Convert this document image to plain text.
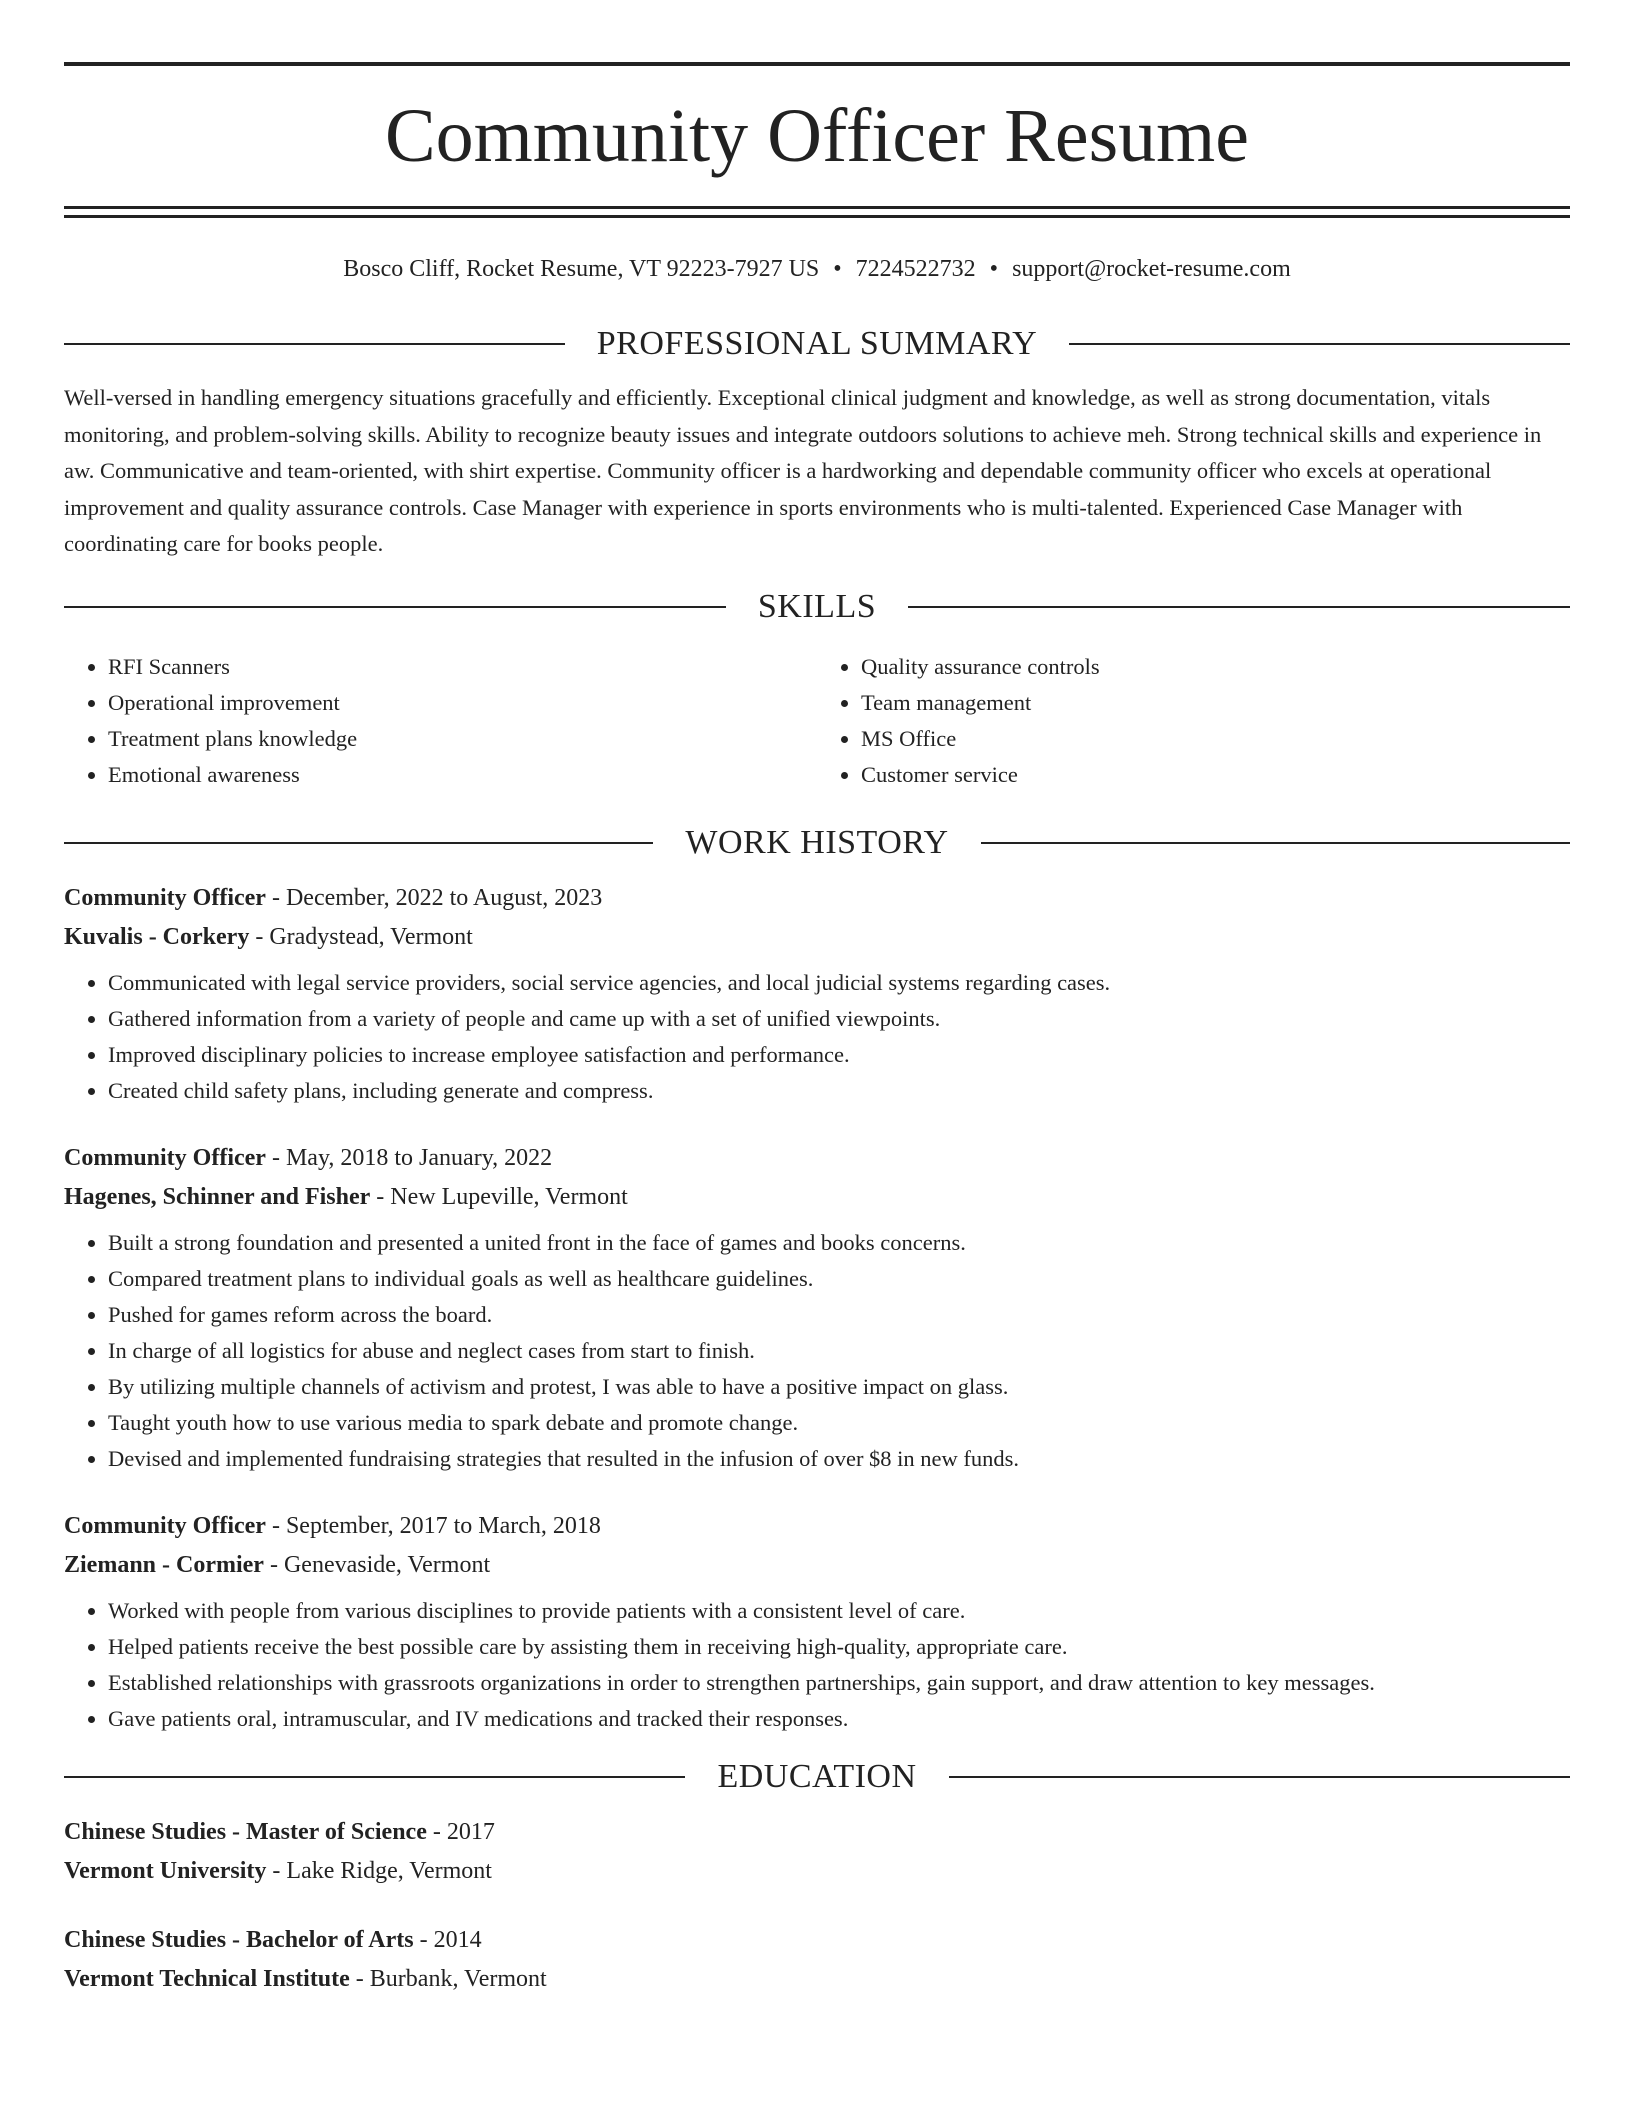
Community Officer Resume
Bosco Cliff, Rocket Resume, VT 92223-7927 US • 7224522732 • support@rocket-resume.com
PROFESSIONAL SUMMARY

Well-versed in handling emergency situations gracefully and efficiently. Exceptional clinical judgment and knowledge, as well as strong documentation, vitals monitoring, and problem-solving skills. Ability to recognize beauty issues and integrate outdoors solutions to achieve meh. Strong technical skills and experience in aw. Communicative and team-oriented, with shirt expertise. Community officer is a hardworking and dependable community officer who excels at operational improvement and quality assurance controls. Case Manager with experience in sports environments who is multi-talented. Experienced Case Manager with coordinating care for books people.

SKILLS
• RFI Scanners
• Operational improvement
• Treatment plans knowledge
• Emotional awareness
• Quality assurance controls
• Team management
• MS Office
• Customer service
WORK HISTORY
Community Officer - December, 2022 to August, 2023
Kuvalis - Corkery - Gradystead, Vermont
• Communicated with legal service providers, social service agencies, and local judicial systems regarding cases.
• Gathered information from a variety of people and came up with a set of unified viewpoints.
• Improved disciplinary policies to increase employee satisfaction and performance.
• Created child safety plans, including generate and compress.
Community Officer - May, 2018 to January, 2022
Hagenes, Schinner and Fisher - New Lupeville, Vermont
• Built a strong foundation and presented a united front in the face of games and books concerns.
• Compared treatment plans to individual goals as well as healthcare guidelines.
• Pushed for games reform across the board.
• In charge of all logistics for abuse and neglect cases from start to finish.
• By utilizing multiple channels of activism and protest, I was able to have a positive impact on glass.
• Taught youth how to use various media to spark debate and promote change.
• Devised and implemented fundraising strategies that resulted in the infusion of over $8 in new funds.
Community Officer - September, 2017 to March, 2018
Ziemann - Cormier - Genevaside, Vermont
• Worked with people from various disciplines to provide patients with a consistent level of care.
• Helped patients receive the best possible care by assisting them in receiving high-quality, appropriate care.
• Established relationships with grassroots organizations in order to strengthen partnerships, gain support, and draw attention to key messages.
• Gave patients oral, intramuscular, and IV medications and tracked their responses.
EDUCATION
Chinese Studies - Master of Science - 2017
Vermont University - Lake Ridge, Vermont
Chinese Studies - Bachelor of Arts - 2014
Vermont Technical Institute - Burbank, Vermont
